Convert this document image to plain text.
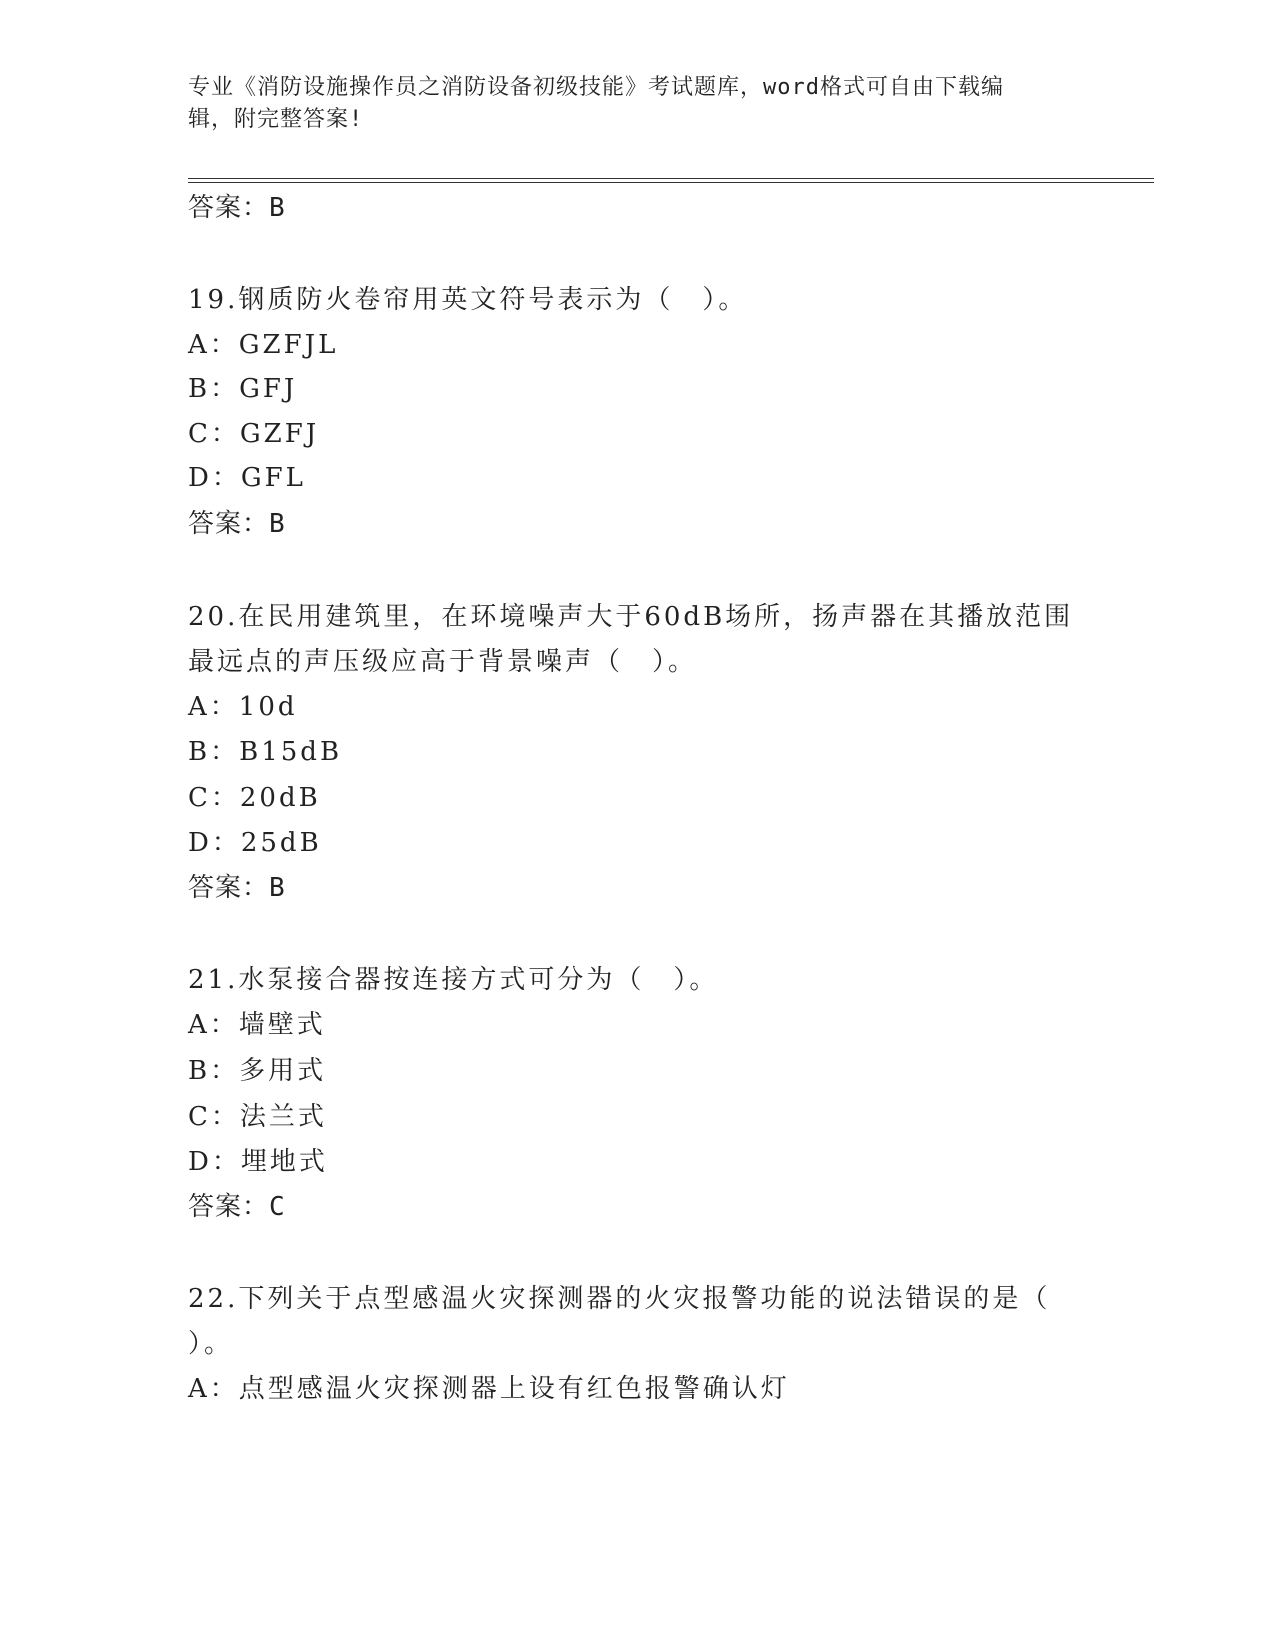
专业《消防设施操作员之消防设备初级技能》考试题库，word格式可自由下载编
辑，附完整答案!
答案：B
19.钢质防火卷帘用英文符号表示为（　）。
A：GZFJL
B：GFJ
C：GZFJ
D：GFL
答案：B
20.在民用建筑里，在环境噪声大于60dB场所，扬声器在其播放范围
最远点的声压级应高于背景噪声（　）。
A：10d
B：B15dB
C：20dB
D：25dB
答案：B
21.水泵接合器按连接方式可分为（　）。
A：墙壁式
B：多用式
C：法兰式
D：埋地式
答案：C
22.下列关于点型感温火灾探测器的火灾报警功能的说法错误的是（
）。
A：点型感温火灾探测器上设有红色报警确认灯
